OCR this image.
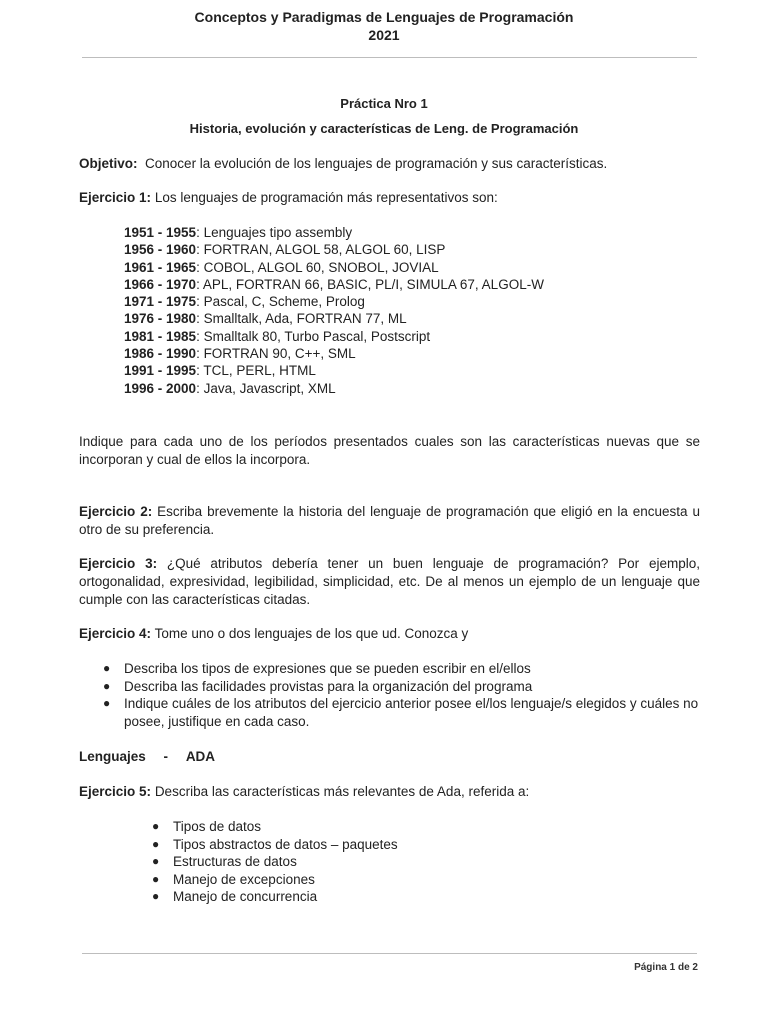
Conceptos y Paradigmas de Lenguajes de Programación
2021
Práctica Nro 1
Historia, evolución y características de Leng. de Programación
Objetivo: Conocer la evolución de los lenguajes de programación y sus características.
Ejercicio 1: Los lenguajes de programación más representativos son:
1951 - 1955: Lenguajes tipo assembly
1956 - 1960: FORTRAN, ALGOL 58, ALGOL 60, LISP
1961 - 1965: COBOL, ALGOL 60, SNOBOL, JOVIAL
1966 - 1970: APL, FORTRAN 66, BASIC, PL/I, SIMULA 67, ALGOL-W
1971 - 1975: Pascal, C, Scheme, Prolog
1976 - 1980: Smalltalk, Ada, FORTRAN 77, ML
1981 - 1985: Smalltalk 80, Turbo Pascal, Postscript
1986 - 1990: FORTRAN 90, C++, SML
1991 - 1995: TCL, PERL, HTML
1996 - 2000: Java, Javascript, XML
Indique para cada uno de los períodos presentados cuales son las características nuevas que se incorporan y cual de ellos la incorpora.
Ejercicio 2: Escriba brevemente la historia del lenguaje de programación que eligió en la encuesta u otro de su preferencia.
Ejercicio 3: ¿Qué atributos debería tener un buen lenguaje de programación? Por ejemplo, ortogonalidad, expresividad, legibilidad, simplicidad, etc. De al menos un ejemplo de un lenguaje que cumple con las características citadas.
Ejercicio 4: Tome uno o dos lenguajes de los que ud. Conozca y
●	Describa los tipos de expresiones que se pueden escribir en el/ellos
●	Describa las facilidades provistas para la organización del programa
●	Indique cuáles de los atributos del ejercicio anterior posee el/los lenguaje/s elegidos y cuáles no posee, justifique en cada caso.
Lenguajes - ADA
Ejercicio 5: Describa las características más relevantes de Ada, referida a:
●	Tipos de datos
●	Tipos abstractos de datos – paquetes
●	Estructuras de datos
●	Manejo de excepciones
●	Manejo de concurrencia
Página 1 de 2
